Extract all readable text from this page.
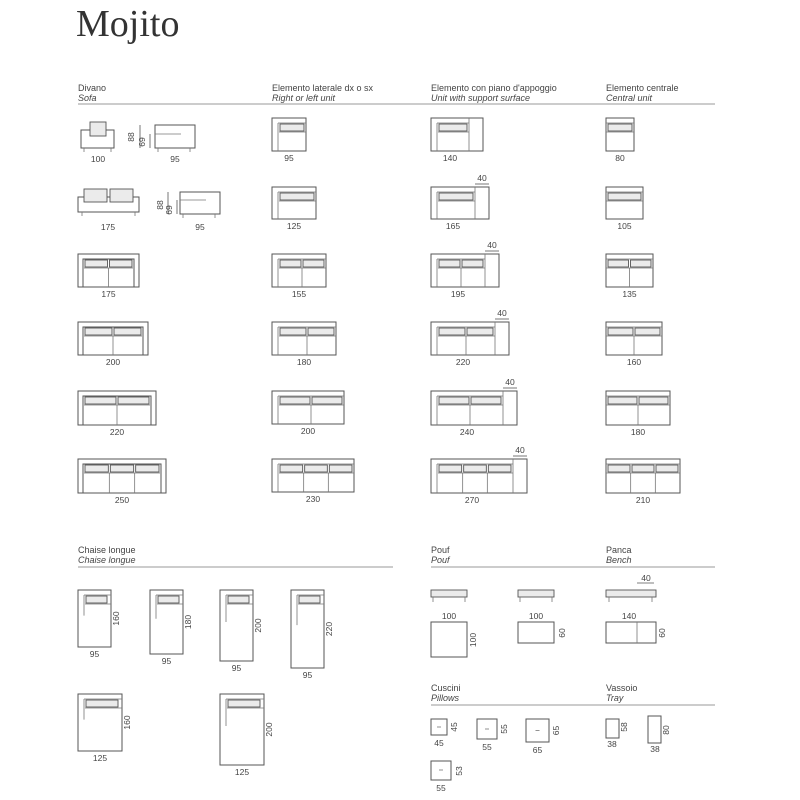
Mojito
Divano
Sofa
Elemento laterale dx o sx
Right or left unit
Elemento con piano d'appoggio
Unit with support surface
Elemento centrale
Central unit
Chaise longue
Chaise longue
Pouf
Pouf
Panca
Bench
Cuscini
Pillows
Vassoio
Tray
100
88
69
95
175
88
69
95
175
200
220
250
95
125
155
180
200
230
140
165
40
195
40
220
40
240
40
270
40
80
105
135
160
180
210
95
160
95
180
95
200
95
220
125
160
125
200
100
100
100
60
40
140
60
45
45
55
55
65
65
55
53
38
58
38
80
